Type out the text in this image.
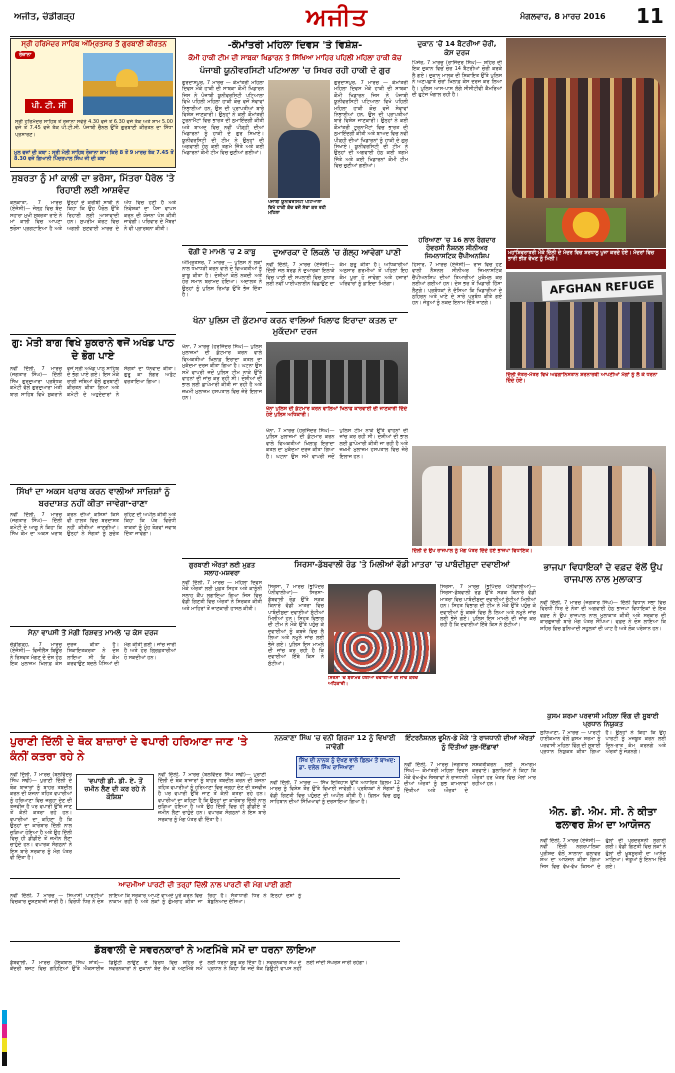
ਅਜੀਤ, ਚੰਡੀਗੜ੍ਹ	ਅਜੀਤ	ਮੰਗਲਵਾਰ, 8 ਮਾਰਚ 2016 11
ਸ੍ਰੀ ਹਰਿਮੰਦਰ ਸਾਹਿਬ ਅੰਮ੍ਰਿਤਸਰ ਤੋਂ ਗੁਰਬਾਣੀ ਕੀਰਤਨ
ਰੋਜ਼ਾਨਾ
ਪੀ. ਟੀ. ਸੀ
ਸ੍ਰੀ ਹਰਿਮੰਦਰ ਸਾਹਿਬ ਤੋਂ ਰੋਜ਼ਾਨਾ ਸਵੇਰੇ 4.30 ਵਜੇ ਤੋਂ 6.30 ਵਜੇ ਤੱਕ ਅਤੇ ਸ਼ਾਮ 5.00 ਵਜੇ ਤੋਂ 7.45 ਵਜੇ ਤੱਕ ਪੀ.ਟੀ.ਸੀ. ਪੰਜਾਬੀ ਚੈਨਲ ਉੱਤੇ ਗੁਰਬਾਣੀ ਕੀਰਤਨ ਦਾ ਸਿੱਧਾ ਪ੍ਰਸਾਰਣ।
ਮੂਲ ਵਜਾਂ ਦੀ ਕਥਾ : ਸ੍ਰੀ ਮੱਲੀ ਸਾਹਿਬ ਰੋਜ਼ਾਨਾ ਸ਼ਾਮ ਕਿਰੇ 8 ਤੋਂ 9 ਮਾਰਚ ਤੱਕ 7.45 ਤੋਂ 8.30 ਵਜੇ ਗਿਆਨੀ ਪਿੰਦਰਪਾਲ ਸਿੰਘ ਜੀ ਦੀ ਕਥਾ
-ਕੌਮਾਂਤਰੀ ਮਹਿਲਾ ਦਿਵਸ 'ਤੇ ਵਿਸ਼ੇਸ਼-
ਕੌਮੀ ਹਾਕੀ ਟੀਮ ਦੀ ਸਾਬਕਾ ਖਿਡਾਰਨ ਤੇ ਸਿੱਖਿਆ ਮਾਹਿਰ ਪਹਿਲੀ ਮਹਿਲਾ ਹਾਕੀ ਕੋਚ
ਪੰਜਾਬੀ ਯੂਨੀਵਰਸਿਟੀ ਪਟਿਆਲਾ 'ਚ ਸਿਖਰ ਰਹੀ ਹਾਕੀ ਦੇ ਗੁਰ
ਗੁਰਦਾਸਪੁਰ, 7 ਮਾਰਚ — ਕੌਮਾਂਤਰੀ ਮਹਿਲਾ ਦਿਵਸ ਮੌਕੇ ਹਾਕੀ ਦੀ ਸਾਬਕਾ ਕੌਮੀ ਖਿਡਾਰਨ ਜਿਸ ਨੇ ਪੰਜਾਬੀ ਯੂਨੀਵਰਸਿਟੀ ਪਟਿਆਲਾ ਵਿਖੇ ਪਹਿਲੀ ਮਹਿਲਾ ਹਾਕੀ ਕੋਚ ਵਜੋਂ ਸੇਵਾਵਾਂ ਨਿਭਾਈਆਂ ਹਨ, ਉਸ ਦੀ ਪ੍ਰਾਪਤੀਆਂ ਬਾਰੇ ਵਿਸ਼ੇਸ਼ ਜਾਣਕਾਰੀ। ਉਨ੍ਹਾਂ ਨੇ ਕਈ ਕੌਮਾਂਤਰੀ ਟੂਰਨਾਮੈਂਟਾਂ ਵਿਚ ਭਾਰਤ ਦੀ ਨੁਮਾਇੰਦਗੀ ਕੀਤੀ ਅਤੇ ਬਾਅਦ ਵਿਚ ਨਵੀਂ ਪੀੜ੍ਹੀ ਦੀਆਂ ਖਿਡਾਰਨਾਂ ਨੂੰ ਹਾਕੀ ਦੇ ਗੁਰ ਸਿਖਾਏ। ਯੂਨੀਵਰਸਿਟੀ ਦੀ ਟੀਮ ਨੇ ਉਨ੍ਹਾਂ ਦੀ ਅਗਵਾਈ ਹੇਠ ਕਈ ਤਗਮੇ ਜਿੱਤੇ ਅਤੇ ਕਈ ਖਿਡਾਰਨਾਂ ਕੌਮੀ ਟੀਮ ਵਿਚ ਚੁਣੀਆਂ ਗਈਆਂ।
ਪੰਜਾਬੀ ਯੂਨੀਵਰਸਿਟੀ ਪਟਿਆਲਾ ਵਿਖੇ ਹਾਕੀ ਕੋਚ ਵਜੋਂ ਸੇਵਾ ਕਰ ਰਹੀ ਮਹਿਲਾ
ਗੁਰਦਾਸਪੁਰ, 7 ਮਾਰਚ — ਕੌਮਾਂਤਰੀ ਮਹਿਲਾ ਦਿਵਸ ਮੌਕੇ ਹਾਕੀ ਦੀ ਸਾਬਕਾ ਕੌਮੀ ਖਿਡਾਰਨ ਜਿਸ ਨੇ ਪੰਜਾਬੀ ਯੂਨੀਵਰਸਿਟੀ ਪਟਿਆਲਾ ਵਿਖੇ ਪਹਿਲੀ ਮਹਿਲਾ ਹਾਕੀ ਕੋਚ ਵਜੋਂ ਸੇਵਾਵਾਂ ਨਿਭਾਈਆਂ ਹਨ, ਉਸ ਦੀ ਪ੍ਰਾਪਤੀਆਂ ਬਾਰੇ ਵਿਸ਼ੇਸ਼ ਜਾਣਕਾਰੀ। ਉਨ੍ਹਾਂ ਨੇ ਕਈ ਕੌਮਾਂਤਰੀ ਟੂਰਨਾਮੈਂਟਾਂ ਵਿਚ ਭਾਰਤ ਦੀ ਨੁਮਾਇੰਦਗੀ ਕੀਤੀ ਅਤੇ ਬਾਅਦ ਵਿਚ ਨਵੀਂ ਪੀੜ੍ਹੀ ਦੀਆਂ ਖਿਡਾਰਨਾਂ ਨੂੰ ਹਾਕੀ ਦੇ ਗੁਰ ਸਿਖਾਏ। ਯੂਨੀਵਰਸਿਟੀ ਦੀ ਟੀਮ ਨੇ ਉਨ੍ਹਾਂ ਦੀ ਅਗਵਾਈ ਹੇਠ ਕਈ ਤਗਮੇ ਜਿੱਤੇ ਅਤੇ ਕਈ ਖਿਡਾਰਨਾਂ ਕੌਮੀ ਟੀਮ ਵਿਚ ਚੁਣੀਆਂ ਗਈਆਂ।
ਸੁਬਰਤਾ ਨੂੰ ਮਾਂ ਕਾਲੀ ਦਾ ਭਰੋਸਾ, ਮਿੱਤਰਾ ਪੈਰੋਲ 'ਤੇ ਰਿਹਾਈ ਲਈ ਆਸ਼ਵੰਦ
ਕੋਲਕਾਤਾ, 7 ਮਾਰਚ (ਏਜੰਸੀ)— ਜੇਲ੍ਹ ਵਿਚ ਬੰਦ ਸਹਾਰਾ ਮੁਖੀ ਸੁਬਰਤਾ ਰਾਏ ਨੇ ਮਾਂ ਕਾਲੀ ਵਿਚ ਆਪਣਾ ਭਰੋਸਾ ਪ੍ਰਗਟਾਇਆ ਹੈ ਅਤੇ ਉਨ੍ਹਾਂ ਦੇ ਕਰੀਬੀ ਸਾਥੀ ਨੇ ਕਿਹਾ ਕਿ ਉਹ ਪੈਰੋਲ ਉੱਤੇ ਰਿਹਾਈ ਲਈ ਆਸ਼ਾਵਾਦੀ ਹਨ। ਸੁਪਰੀਮ ਕੋਰਟ ਵਿਚ ਅਗਲੀ ਸੁਣਵਾਈ ਮਾਰਚ ਦੇ ਅੱਧ ਵਿਚ ਹੋਣੀ ਹੈ ਅਤੇ ਨਿਵੇਸ਼ਕਾਂ ਦਾ ਪੈਸਾ ਵਾਪਸ ਕਰਨ ਦੀ ਯੋਜਨਾ ਪੇਸ਼ ਕੀਤੀ ਜਾਵੇਗੀ। ਪਰਿਵਾਰ ਦੇ ਮੈਂਬਰਾਂ ਨੇ ਵੀ ਪ੍ਰਾਰਥਨਾ ਕੀਤੀ।
ਗੁ: ਮੋਤੀ ਬਾਗ ਵਿਖੇ ਸ਼ੁਕਰਾਨੇ ਵਜੋਂ ਅਖੰਡ ਪਾਠ ਦੇ ਭੋਗ ਪਾਏ
ਨਵੀਂ ਦਿੱਲੀ, 7 ਮਾਰਚ (ਜਗਤਾਰ ਸਿੰਘ)— ਦਿੱਲੀ ਸਿੱਖ ਗੁਰਦੁਆਰਾ ਪ੍ਰਬੰਧਕ ਕਮੇਟੀ ਵੱਲੋਂ ਗੁਰਦੁਆਰਾ ਮੋਤੀ ਬਾਗ ਸਾਹਿਬ ਵਿਖੇ ਸ਼ੁਕਰਾਨੇ ਵਜੋਂ ਸ੍ਰੀ ਅਖੰਡ ਪਾਠ ਸਾਹਿਬ ਦੇ ਭੋਗ ਪਾਏ ਗਏ। ਇਸ ਮੌਕੇ ਰਾਗੀ ਜਥਿਆਂ ਵੱਲੋਂ ਗੁਰਬਾਣੀ ਕੀਰਤਨ ਕੀਤਾ ਗਿਆ ਅਤੇ ਕਮੇਟੀ ਦੇ ਅਹੁਦੇਦਾਰਾਂ ਨੇ ਸੰਗਤਾਂ ਦਾ ਧੰਨਵਾਦ ਕੀਤਾ। ਗੁਰੂ ਕਾ ਲੰਗਰ ਅਤੁੱਟ ਵਰਤਾਇਆ ਗਿਆ।
ਸਿੱਖਾਂ ਦਾ ਅਕਸ ਖਰਾਬ ਕਰਨ ਵਾਲੀਆਂ ਸਾਜ਼ਿਸ਼ਾਂ ਨੂੰ ਬਰਦਾਸ਼ਤ ਨਹੀਂ ਕੀਤਾ ਜਾਵੇਗਾ-ਰਾਣਾ
ਨਵੀਂ ਦਿੱਲੀ, 7 ਮਾਰਚ (ਜਗਤਾਰ ਸਿੰਘ)— ਦਿੱਲੀ ਕਮੇਟੀ ਦੇ ਆਗੂ ਨੇ ਕਿਹਾ ਕਿ ਸਿੱਖ ਕੌਮ ਦਾ ਅਕਸ ਖਰਾਬ ਕਰਨ ਦੀਆਂ ਕੋਸ਼ਿਸ਼ਾਂ ਕਿਸੇ ਵੀ ਹਾਲਤ ਵਿਚ ਬਰਦਾਸ਼ਤ ਨਹੀਂ ਕੀਤੀਆਂ ਜਾਣਗੀਆਂ। ਉਨ੍ਹਾਂ ਨੇ ਸੰਗਤਾਂ ਨੂੰ ਸੁਚੇਤ ਰਹਿਣ ਦੀ ਅਪੀਲ ਕੀਤੀ ਅਤੇ ਕਿਹਾ ਕਿ ਪੰਥ ਵਿਰੋਧੀ ਤਾਕਤਾਂ ਨੂੰ ਮੂੰਹ ਤੋੜਵਾਂ ਜਵਾਬ ਦਿੱਤਾ ਜਾਵੇਗਾ।
ਸੇਨਾ ਵਾਪਸੀ ਤੋਂ ਮੰਗੀ ਰਿਸ਼ਵਤ ਮਾਮਲੇ 'ਚ ਕੇਸ ਦਰਜ
ਚੰਡੀਗੜ੍ਹ, 7 ਮਾਰਚ (ਏਜੰਸੀ)— ਵਿਜੀਲੈਂਸ ਬਿਊਰੋ ਨੇ ਰਿਸ਼ਵਤ ਮੰਗਣ ਦੇ ਦੋਸ਼ ਹੇਠ ਇਕ ਮੁਲਾਜ਼ਮ ਖ਼ਿਲਾਫ਼ ਕੇਸ ਦਰਜ ਕੀਤਾ ਹੈ। ਸ਼ਿਕਾਇਤਕਰਤਾ ਨੇ ਦੋਸ਼ ਲਾਇਆ ਸੀ ਕਿ ਕੰਮ ਕਰਵਾਉਣ ਬਦਲੇ ਪੈਸਿਆਂ ਦੀ ਮੰਗ ਕੀਤੀ ਗਈ। ਜਾਂਚ ਜਾਰੀ ਹੈ ਅਤੇ ਹੋਰ ਗ੍ਰਿਫ਼ਤਾਰੀਆਂ ਹੋ ਸਕਦੀਆਂ ਹਨ।
ਢੋਂਗੀ ਦੇ ਮਾਮਲੇ 'ਚ 2 ਕਾਬੂ
ਅੰਮ੍ਰਿਤਸਰ, 7 ਮਾਰਚ — ਪੁਲਿਸ ਨੇ ਲੋਕਾਂ ਨਾਲ ਧੋਖਾਧੜੀ ਕਰਨ ਵਾਲੇ ਦੋ ਵਿਅਕਤੀਆਂ ਨੂੰ ਕਾਬੂ ਕੀਤਾ ਹੈ। ਦੋਸ਼ੀਆਂ ਕੋਲੋਂ ਨਕਦੀ ਅਤੇ ਹੋਰ ਸਮਾਨ ਬਰਾਮਦ ਹੋਇਆ। ਅਦਾਲਤ ਨੇ ਉਨ੍ਹਾਂ ਨੂੰ ਪੁਲਿਸ ਰਿਮਾਂਡ ਉੱਤੇ ਭੇਜ ਦਿੱਤਾ ਹੈ।
ਦੁਆਰਕਾ ਦੇ ਲਿਕਲੇ 'ਚ ਗੱਲ੍ਹ ਆਵੇਗਾ ਪਾਣੀ
ਨਵੀਂ ਦਿੱਲੀ, 7 ਮਾਰਚ (ਏਜੰਸੀ)— ਦਿੱਲੀ ਜਲ ਬੋਰਡ ਨੇ ਦੁਆਰਕਾ ਇਲਾਕੇ ਵਿਚ ਪਾਣੀ ਦੀ ਸਪਲਾਈ ਵਿਚ ਸੁਧਾਰ ਲਈ ਨਵੀਂ ਪਾਈਪਲਾਈਨ ਵਿਛਾਉਣ ਦਾ ਕੰਮ ਸ਼ੁਰੂ ਕੀਤਾ ਹੈ। ਅਧਿਕਾਰੀਆਂ ਅਨੁਸਾਰ ਗਰਮੀਆਂ ਤੋਂ ਪਹਿਲਾਂ ਇਹ ਕੰਮ ਪੂਰਾ ਹੋ ਜਾਵੇਗਾ ਅਤੇ ਹਜ਼ਾਰਾਂ ਪਰਿਵਾਰਾਂ ਨੂੰ ਫ਼ਾਇਦਾ ਮਿਲੇਗਾ।
ਖੰਨਾ ਪੁਲਿਸ ਦੀ ਕੁੱਟਮਾਰ ਕਰਨ ਵਾਲਿਆਂ ਖਿਲਾਫ ਇਰਾਦਾ ਕਤਲ ਦਾ ਮੁਕੱਦਮਾ ਦਰਜ
ਖੰਨਾ, 7 ਮਾਰਚ (ਹਰਜਿੰਦਰ ਸਿੰਘ)— ਪੁਲਿਸ ਮੁਲਾਜ਼ਮਾਂ ਦੀ ਕੁੱਟਮਾਰ ਕਰਨ ਵਾਲੇ ਵਿਅਕਤੀਆਂ ਖ਼ਿਲਾਫ਼ ਇਰਾਦਾ ਕਤਲ ਦਾ ਮੁਕੱਦਮਾ ਦਰਜ ਕੀਤਾ ਗਿਆ ਹੈ। ਘਟਨਾ ਉਸ ਸਮੇਂ ਵਾਪਰੀ ਜਦੋਂ ਪੁਲਿਸ ਟੀਮ ਨਾਕੇ ਉੱਤੇ ਵਾਹਨਾਂ ਦੀ ਜਾਂਚ ਕਰ ਰਹੀ ਸੀ। ਦੋਸ਼ੀਆਂ ਦੀ ਭਾਲ ਲਈ ਛਾਪੇਮਾਰੀ ਕੀਤੀ ਜਾ ਰਹੀ ਹੈ ਅਤੇ ਜ਼ਖ਼ਮੀ ਮੁਲਾਜ਼ਮ ਹਸਪਤਾਲ ਵਿਚ ਜ਼ੇਰੇ ਇਲਾਜ ਹਨ।
ਖੰਨਾ ਪੁਲਿਸ ਦੀ ਕੁੱਟਮਾਰ ਕਰਨ ਵਾਲਿਆਂ ਖਿਲਾਫ ਕਾਰਵਾਈ ਦੀ ਜਾਣਕਾਰੀ ਦਿੰਦੇ ਹੋਏ ਪੁਲਿਸ ਅਧਿਕਾਰੀ।
ਖੰਨਾ, 7 ਮਾਰਚ (ਹਰਜਿੰਦਰ ਸਿੰਘ)— ਪੁਲਿਸ ਮੁਲਾਜ਼ਮਾਂ ਦੀ ਕੁੱਟਮਾਰ ਕਰਨ ਵਾਲੇ ਵਿਅਕਤੀਆਂ ਖ਼ਿਲਾਫ਼ ਇਰਾਦਾ ਕਤਲ ਦਾ ਮੁਕੱਦਮਾ ਦਰਜ ਕੀਤਾ ਗਿਆ ਹੈ। ਘਟਨਾ ਉਸ ਸਮੇਂ ਵਾਪਰੀ ਜਦੋਂ ਪੁਲਿਸ ਟੀਮ ਨਾਕੇ ਉੱਤੇ ਵਾਹਨਾਂ ਦੀ ਜਾਂਚ ਕਰ ਰਹੀ ਸੀ। ਦੋਸ਼ੀਆਂ ਦੀ ਭਾਲ ਲਈ ਛਾਪੇਮਾਰੀ ਕੀਤੀ ਜਾ ਰਹੀ ਹੈ ਅਤੇ ਜ਼ਖ਼ਮੀ ਮੁਲਾਜ਼ਮ ਹਸਪਤਾਲ ਵਿਚ ਜ਼ੇਰੇ ਇਲਾਜ ਹਨ।
ਗੁਰਬਾਣੀ ਔਰਤਾਂ ਲਈ ਮੁਫ਼ਤ ਸਲਾਹ-ਮਸ਼ਵਰਾ
ਨਵੀਂ ਦਿੱਲੀ, 7 ਮਾਰਚ — ਮਹਿਲਾ ਦਿਵਸ ਮੌਕੇ ਔਰਤਾਂ ਲਈ ਮੁਫ਼ਤ ਸਿਹਤ ਅਤੇ ਕਾਨੂੰਨੀ ਸਲਾਹ ਕੈਂਪ ਲਗਾਇਆ ਗਿਆ ਜਿਸ ਵਿਚ ਵੱਡੀ ਗਿਣਤੀ ਵਿਚ ਔਰਤਾਂ ਨੇ ਸ਼ਿਰਕਤ ਕੀਤੀ ਅਤੇ ਮਾਹਿਰਾਂ ਤੋਂ ਜਾਣਕਾਰੀ ਹਾਸਲ ਕੀਤੀ।
ਸਿਰਸਾ-ਡੱਬਵਾਲੀ ਰੋਡ 'ਤੇ ਮਿਲੀਆਂ ਵੱਡੀ ਮਾਤਰਾ 'ਚ ਪਾਬੰਦੀਸ਼ੁਦਾ ਦਵਾਈਆਂ
ਸਿਰਸਾ, 7 ਮਾਰਚ (ਭੁਪਿੰਦਰ ਪੰਨੀਵਾਲੀਆ)— ਸਿਰਸਾ-ਡੱਬਵਾਲੀ ਰੋਡ ਉੱਤੇ ਸੜਕ ਕਿਨਾਰੇ ਵੱਡੀ ਮਾਤਰਾ ਵਿਚ ਪਾਬੰਦੀਸ਼ੁਦਾ ਦਵਾਈਆਂ ਸੁੱਟੀਆਂ ਮਿਲੀਆਂ ਹਨ। ਸਿਹਤ ਵਿਭਾਗ ਦੀ ਟੀਮ ਨੇ ਮੌਕੇ ਉੱਤੇ ਪਹੁੰਚ ਕੇ ਦਵਾਈਆਂ ਨੂੰ ਕਬਜ਼ੇ ਵਿਚ ਲੈ ਲਿਆ ਅਤੇ ਨਮੂਨੇ ਜਾਂਚ ਲਈ ਭੇਜੇ ਗਏ। ਪੁਲਿਸ ਇਸ ਮਾਮਲੇ ਦੀ ਜਾਂਚ ਕਰ ਰਹੀ ਹੈ ਕਿ ਦਵਾਈਆਂ ਇੱਥੇ ਕਿਸ ਨੇ ਸੁੱਟੀਆਂ।
ਸਿਰਸਾ 'ਚ ਬਰਾਮਦ ਹੋਈਆਂ ਦਵਾਈਆਂ ਦੀ ਜਾਂਚ ਕਰਦੇ ਅਧਿਕਾਰੀ।
ਸਿਰਸਾ, 7 ਮਾਰਚ (ਭੁਪਿੰਦਰ ਪੰਨੀਵਾਲੀਆ)— ਸਿਰਸਾ-ਡੱਬਵਾਲੀ ਰੋਡ ਉੱਤੇ ਸੜਕ ਕਿਨਾਰੇ ਵੱਡੀ ਮਾਤਰਾ ਵਿਚ ਪਾਬੰਦੀਸ਼ੁਦਾ ਦਵਾਈਆਂ ਸੁੱਟੀਆਂ ਮਿਲੀਆਂ ਹਨ। ਸਿਹਤ ਵਿਭਾਗ ਦੀ ਟੀਮ ਨੇ ਮੌਕੇ ਉੱਤੇ ਪਹੁੰਚ ਕੇ ਦਵਾਈਆਂ ਨੂੰ ਕਬਜ਼ੇ ਵਿਚ ਲੈ ਲਿਆ ਅਤੇ ਨਮੂਨੇ ਜਾਂਚ ਲਈ ਭੇਜੇ ਗਏ। ਪੁਲਿਸ ਇਸ ਮਾਮਲੇ ਦੀ ਜਾਂਚ ਕਰ ਰਹੀ ਹੈ ਕਿ ਦਵਾਈਆਂ ਇੱਥੇ ਕਿਸ ਨੇ ਸੁੱਟੀਆਂ।
ਦੁਕਾਨ 'ਚੋਂ 14 ਬੈਟਰੀਆਂ ਚੋਰੀ, ਕੇਸ ਦਰਜ
ਪਿੰਜੌਰ, 7 ਮਾਰਚ (ਰਾਜਿੰਦਰ ਸਿੰਘ)— ਸ਼ਹਿਰ ਦੀ ਇਕ ਦੁਕਾਨ ਵਿਚੋਂ ਚੋਰ 14 ਬੈਟਰੀਆਂ ਚੋਰੀ ਕਰਕੇ ਲੈ ਗਏ। ਦੁਕਾਨ ਮਾਲਕ ਦੀ ਸ਼ਿਕਾਇਤ ਉੱਤੇ ਪੁਲਿਸ ਨੇ ਅਣਪਛਾਤੇ ਚੋਰਾਂ ਖ਼ਿਲਾਫ਼ ਕੇਸ ਦਰਜ ਕਰ ਲਿਆ ਹੈ। ਪੁਲਿਸ ਆਸ-ਪਾਸ ਲੱਗੇ ਸੀਸੀਟੀਵੀ ਕੈਮਰਿਆਂ ਦੀ ਫੁਟੇਜ ਖੰਗਾਲ ਰਹੀ ਹੈ।
ਹਰਿਆਣਾ 'ਚ 16 ਲਾਲ ਰੰਗਦਾਰ ਹੋਵਰਸੀ ਨੈਸ਼ਨਲ ਸੀਨੀਅਰ ਜਿਮਨਾਸਟਿਕ ਚੈਂਪੀਅਨਸ਼ਿਪ
ਹਿਸਾਰ, 7 ਮਾਰਚ (ਏਜੰਸੀ)— ਰਾਜ ਵਿਚ ਹੋਣ ਵਾਲੀ ਨੈਸ਼ਨਲ ਸੀਨੀਅਰ ਜਿਮਨਾਸਟਿਕ ਚੈਂਪੀਅਨਸ਼ਿਪ ਦੀਆਂ ਤਿਆਰੀਆਂ ਮੁਕੰਮਲ ਕਰ ਲਈਆਂ ਗਈਆਂ ਹਨ। ਦੇਸ਼ ਭਰ ਤੋਂ ਖਿਡਾਰੀ ਹਿੱਸਾ ਲੈਣਗੇ। ਪ੍ਰਬੰਧਕਾਂ ਨੇ ਦੱਸਿਆ ਕਿ ਖਿਡਾਰੀਆਂ ਦੇ ਠਹਿਰਨ ਅਤੇ ਖਾਣੇ ਦੇ ਸਾਰੇ ਪ੍ਰਬੰਧ ਕੀਤੇ ਗਏ ਹਨ। ਜੇਤੂਆਂ ਨੂੰ ਨਕਦ ਇਨਾਮ ਦਿੱਤੇ ਜਾਣਗੇ।
ਮਹਾਂਸ਼ਿਵਰਾਤਰੀ ਮੌਕੇ ਦਿੱਲੀ ਦੇ ਮੰਦਰ ਵਿਚ ਸ਼ਰਧਾਲੂ ਪੂਜਾ ਕਰਦੇ ਹੋਏ। ਮੰਦਰਾਂ ਵਿਚ ਭਾਰੀ ਭੀੜ ਵੇਖਣ ਨੂੰ ਮਿਲੀ।
AFGHAN REFUGE
ਦਿੱਲੀ ਜੰਤਰ-ਮੰਤਰ ਵਿਖੇ ਅਫਗਾਨਿਸਤਾਨ ਸ਼ਰਨਾਰਥੀ ਆਪਣੀਆਂ ਮੰਗਾਂ ਨੂੰ ਲੈ ਕੇ ਧਰਨਾ ਦਿੰਦੇ ਹੋਏ।
ਦਿੱਲੀ ਦੇ ਉਪ ਰਾਜਪਾਲ ਨੂੰ ਮੰਗ ਪੱਤਰ ਦਿੰਦੇ ਹੋਏ ਭਾਜਪਾ ਵਿਧਾਇਕ।
ਭਾਜਪਾ ਵਿਧਾਇਕਾਂ ਦੇ ਵਫ਼ਦ ਵੱਲੋਂ ਉਪ ਰਾਜਪਾਲ ਨਾਲ ਮੁਲਾਕਾਤ
ਨਵੀਂ ਦਿੱਲੀ, 7 ਮਾਰਚ (ਜਗਤਾਰ ਸਿੰਘ)— ਦਿੱਲੀ ਵਿਧਾਨ ਸਭਾ ਵਿਚ ਵਿਰੋਧੀ ਧਿਰ ਦੇ ਨੇਤਾ ਦੀ ਅਗਵਾਈ ਹੇਠ ਭਾਜਪਾ ਵਿਧਾਇਕਾਂ ਦੇ ਇਕ ਵਫ਼ਦ ਨੇ ਉਪ ਰਾਜਪਾਲ ਨਾਲ ਮੁਲਾਕਾਤ ਕੀਤੀ ਅਤੇ ਸਰਕਾਰ ਦੀ ਕਾਰਗੁਜ਼ਾਰੀ ਬਾਰੇ ਮੰਗ ਪੱਤਰ ਸੌਂਪਿਆ। ਵਫ਼ਦ ਨੇ ਦੋਸ਼ ਲਾਇਆ ਕਿ ਸ਼ਹਿਰ ਵਿਚ ਬੁਨਿਆਦੀ ਸਹੂਲਤਾਂ ਦੀ ਘਾਟ ਹੈ ਅਤੇ ਲੋਕ ਪਰੇਸ਼ਾਨ ਹਨ।
ਕੁਸਮ ਸ਼ਰਮਾ ਪਰਵਾਸੀ ਮਹਿਲਾ ਵਿੰਗ ਦੀ ਸੂਬਾਈ ਪ੍ਰਧਾਨ ਨਿਯੁਕਤ
ਲੁਧਿਆਣਾ, 7 ਮਾਰਚ — ਪਾਰਟੀ ਹਾਈਕਮਾਨ ਵੱਲੋਂ ਕੁਸਮ ਸ਼ਰਮਾ ਨੂੰ ਪਰਵਾਸੀ ਮਹਿਲਾ ਵਿੰਗ ਦੀ ਸੂਬਾਈ ਪ੍ਰਧਾਨ ਨਿਯੁਕਤ ਕੀਤਾ ਗਿਆ ਹੈ। ਉਨ੍ਹਾਂ ਨੇ ਕਿਹਾ ਕਿ ਉਹ ਪਾਰਟੀ ਨੂੰ ਮਜ਼ਬੂਤ ਕਰਨ ਲਈ ਦਿਨ-ਰਾਤ ਕੰਮ ਕਰਨਗੇ ਅਤੇ ਔਰਤਾਂ ਨੂੰ ਜੋੜਨਗੇ।
ਪੁਰਾਣੀ ਦਿੱਲੀ ਦੇ ਥੋਕ ਬਾਜ਼ਾਰਾਂ ਦੇ ਵਪਾਰੀ ਹਰਿਆਣਾ ਜਾਣ 'ਤੇ ਕੰਨੀਂ ਕਤਰਾ ਰਹੇ ਨੇ
'ਵਪਾਰੀ ਡੀ. ਡੀ. ਏ. ਤੋਂ ਜ਼ਮੀਨ ਲੈਣ ਦੀ ਕਰ ਰਹੇ ਨੇ ਕੋਸ਼ਿਸ਼'
ਨਵੀਂ ਦਿੱਲੀ, 7 ਮਾਰਚ (ਬਲਵਿੰਦਰ ਸਿੰਘ ਸੋਢੀ)— ਪੁਰਾਣੀ ਦਿੱਲੀ ਦੇ ਥੋਕ ਬਾਜ਼ਾਰਾਂ ਨੂੰ ਬਾਹਰ ਤਬਦੀਲ ਕਰਨ ਦੀ ਯੋਜਨਾ ਤਹਿਤ ਵਪਾਰੀਆਂ ਨੂੰ ਹਰਿਆਣਾ ਵਿਚ ਜਗ੍ਹਾ ਦੇਣ ਦੀ ਤਜਵੀਜ਼ ਹੈ ਪਰ ਵਪਾਰੀ ਉੱਥੇ ਜਾਣ ਤੋਂ ਕੰਨੀ ਕਤਰਾ ਰਹੇ ਹਨ। ਵਪਾਰੀਆਂ ਦਾ ਕਹਿਣਾ ਹੈ ਕਿ ਉਨ੍ਹਾਂ ਦਾ ਕਾਰੋਬਾਰ ਦਿੱਲੀ ਨਾਲ ਜੁੜਿਆ ਹੋਇਆ ਹੈ ਅਤੇ ਉਹ ਦਿੱਲੀ ਵਿਚ ਹੀ ਡੀਡੀਏ ਤੋਂ ਜ਼ਮੀਨ ਲੈਣਾ ਚਾਹੁੰਦੇ ਹਨ। ਵਪਾਰਕ ਸੰਗਠਨਾਂ ਨੇ ਇਸ ਬਾਰੇ ਸਰਕਾਰ ਨੂੰ ਮੰਗ ਪੱਤਰ ਵੀ ਦਿੱਤਾ ਹੈ।
ਨਵੀਂ ਦਿੱਲੀ, 7 ਮਾਰਚ (ਬਲਵਿੰਦਰ ਸਿੰਘ ਸੋਢੀ)— ਪੁਰਾਣੀ ਦਿੱਲੀ ਦੇ ਥੋਕ ਬਾਜ਼ਾਰਾਂ ਨੂੰ ਬਾਹਰ ਤਬਦੀਲ ਕਰਨ ਦੀ ਯੋਜਨਾ ਤਹਿਤ ਵਪਾਰੀਆਂ ਨੂੰ ਹਰਿਆਣਾ ਵਿਚ ਜਗ੍ਹਾ ਦੇਣ ਦੀ ਤਜਵੀਜ਼ ਹੈ ਪਰ ਵਪਾਰੀ ਉੱਥੇ ਜਾਣ ਤੋਂ ਕੰਨੀ ਕਤਰਾ ਰਹੇ ਹਨ। ਵਪਾਰੀਆਂ ਦਾ ਕਹਿਣਾ ਹੈ ਕਿ ਉਨ੍ਹਾਂ ਦਾ ਕਾਰੋਬਾਰ ਦਿੱਲੀ ਨਾਲ ਜੁੜਿਆ ਹੋਇਆ ਹੈ ਅਤੇ ਉਹ ਦਿੱਲੀ ਵਿਚ ਹੀ ਡੀਡੀਏ ਤੋਂ ਜ਼ਮੀਨ ਲੈਣਾ ਚਾਹੁੰਦੇ ਹਨ। ਵਪਾਰਕ ਸੰਗਠਨਾਂ ਨੇ ਇਸ ਬਾਰੇ ਸਰਕਾਰ ਨੂੰ ਮੰਗ ਪੱਤਰ ਵੀ ਦਿੱਤਾ ਹੈ।
ਨਨਕਾਣਾ ਸਿੰਘ 'ਚ ਵਨੀ ਗਿਰਜਾ 12 ਨੂੰ ਵਿਖਾਈ ਜਾਵੇਗੀ
ਸਿੱਖ ਦੀ ਨਾਨਕ ਨੂੰ ਦੇਖਣ ਵਾਲੇ ਫ਼ਿਲਮ ਤੋਂ ਬਾਅਦ: ਡਾ. ਦਲੇਲ ਸਿੰਘ ਰਾਜਿਆਣਾ
ਨਵੀਂ ਦਿੱਲੀ, 7 ਮਾਰਚ — ਸਿੱਖ ਇਤਿਹਾਸ ਉੱਤੇ ਅਧਾਰਿਤ ਫ਼ਿਲਮ 12 ਮਾਰਚ ਨੂੰ ਵਿਸ਼ੇਸ਼ ਤੌਰ ਉੱਤੇ ਵਿਖਾਈ ਜਾਵੇਗੀ। ਪ੍ਰਬੰਧਕਾਂ ਨੇ ਸੰਗਤਾਂ ਨੂੰ ਵੱਡੀ ਗਿਣਤੀ ਵਿਚ ਪਹੁੰਚਣ ਦੀ ਅਪੀਲ ਕੀਤੀ ਹੈ। ਫ਼ਿਲਮ ਵਿਚ ਗੁਰੂ ਸਾਹਿਬਾਨ ਦੀਆਂ ਸਿੱਖਿਆਵਾਂ ਨੂੰ ਦਰਸਾਇਆ ਗਿਆ ਹੈ।
ਇੰਟਰਨੈਸ਼ਨਲ ਵੂਮੈਨ-ਡੇ ਮੌਕੇ 'ਤੇ ਰਾਜਧਾਨੀ ਦੀਆਂ ਔਰਤਾਂ ਨੂੰ ਦਿੱਤੀਆਂ ਸ਼ੁਭ-ਇੱਛਾਵਾਂ
ਨਵੀਂ ਦਿੱਲੀ, 7 ਮਾਰਚ (ਜਗਤਾਰ ਸਿੰਘ)— ਕੌਮਾਂਤਰੀ ਮਹਿਲਾ ਦਿਵਸ ਮੌਕੇ ਵੱਖ-ਵੱਖ ਸੰਸਥਾਵਾਂ ਨੇ ਰਾਜਧਾਨੀ ਦੀਆਂ ਔਰਤਾਂ ਨੂੰ ਸ਼ੁਭ ਕਾਮਨਾਵਾਂ ਦਿੱਤੀਆਂ ਅਤੇ ਔਰਤਾਂ ਦੇ ਸਸ਼ਕਤੀਕਰਨ ਲਈ ਸਮਾਗਮ ਕਰਵਾਏ। ਬੁਲਾਰਿਆਂ ਨੇ ਕਿਹਾ ਕਿ ਔਰਤਾਂ ਹਰ ਖੇਤਰ ਵਿਚ ਮੱਲਾਂ ਮਾਰ ਰਹੀਆਂ ਹਨ।
ਐਨ. ਡੀ. ਐਮ. ਸੀ. ਨੇ ਕੀਤਾ ਫਲਾਵਰ ਸ਼ੋਅ ਦਾ ਆਯੋਜਨ
ਨਵੀਂ ਦਿੱਲੀ, 7 ਮਾਰਚ (ਏਜੰਸੀ)— ਨਵੀਂ ਦਿੱਲੀ ਨਗਰਪਾਲਿਕਾ ਪ੍ਰੀਸ਼ਦ ਵੱਲੋਂ ਸਾਲਾਨਾ ਫਲਾਵਰ ਸ਼ੋਅ ਦਾ ਆਯੋਜਨ ਕੀਤਾ ਗਿਆ ਜਿਸ ਵਿਚ ਵੱਖ-ਵੱਖ ਕਿਸਮਾਂ ਦੇ ਫੁੱਲਾਂ ਦੀ ਪ੍ਰਦਰਸ਼ਨੀ ਲਗਾਈ ਗਈ। ਵੱਡੀ ਗਿਣਤੀ ਵਿਚ ਲੋਕਾਂ ਨੇ ਫੁੱਲਾਂ ਦੀ ਖ਼ੂਬਸੂਰਤੀ ਦਾ ਆਨੰਦ ਮਾਣਿਆ। ਜੇਤੂਆਂ ਨੂੰ ਇਨਾਮ ਦਿੱਤੇ ਗਏ।
ਆਦਮੀਆਂ ਪਾਰਟੀ ਦੀ ਤਰ੍ਹਾਂ ਦਿੱਲੀ ਨਾਲ ਪਾਰਟੀ ਵੀ ਮੰਗ ਪਾਈ ਗਈ
ਨਵੀਂ ਦਿੱਲੀ, 7 ਮਾਰਚ — ਸਿਆਸੀ ਪਾਰਟੀਆਂ ਵਿਚਕਾਰ ਦੂਸ਼ਣਬਾਜ਼ੀ ਜਾਰੀ ਹੈ। ਵਿਰੋਧੀ ਧਿਰ ਨੇ ਦੋਸ਼ ਲਾਇਆ ਕਿ ਸਰਕਾਰ ਆਪਣੇ ਵਾਅਦੇ ਪੂਰੇ ਕਰਨ ਵਿਚ ਨਾਕਾਮ ਰਹੀ ਹੈ ਅਤੇ ਲੋਕਾਂ ਨੂੰ ਗੁੰਮਰਾਹ ਕੀਤਾ ਜਾ ਰਿਹਾ ਹੈ। ਸੱਤਾਧਾਰੀ ਧਿਰ ਨੇ ਇਨ੍ਹਾਂ ਦੋਸ਼ਾਂ ਨੂੰ ਬੇਬੁਨਿਆਦ ਦੱਸਿਆ।
ਡੱਬਵਾਲੀ ਦੇ ਸਵਰਨਕਾਰਾਂ ਨੇ ਅਣਮਿੱਥੇ ਸਮੇਂ ਦਾ ਧਰਨਾ ਲਾਇਆ
ਡੱਬਵਾਲੀ, 7 ਮਾਰਚ (ਇਕਬਾਲ ਸਿੰਘ ਸ਼ਾਂਤ)— ਕੇਂਦਰੀ ਬਜਟ ਵਿਚ ਗਹਿਣਿਆਂ ਉੱਤੇ ਐਕਸਾਈਜ਼ ਡਿਊਟੀ ਲਾਉਣ ਦੇ ਵਿਰੋਧ ਵਿਚ ਸ਼ਹਿਰ ਦੇ ਸਵਰਨਕਾਰਾਂ ਨੇ ਦੁਕਾਨਾਂ ਬੰਦ ਰੱਖ ਕੇ ਅਣਮਿੱਥੇ ਸਮੇਂ ਲਈ ਧਰਨਾ ਸ਼ੁਰੂ ਕਰ ਦਿੱਤਾ ਹੈ। ਸਵਰਨਕਾਰ ਸੰਘ ਦੇ ਪ੍ਰਧਾਨ ਨੇ ਕਿਹਾ ਕਿ ਜਦੋਂ ਤੱਕ ਡਿਊਟੀ ਵਾਪਸ ਨਹੀਂ ਲਈ ਜਾਂਦੀ ਸੰਘਰਸ਼ ਜਾਰੀ ਰਹੇਗਾ।
